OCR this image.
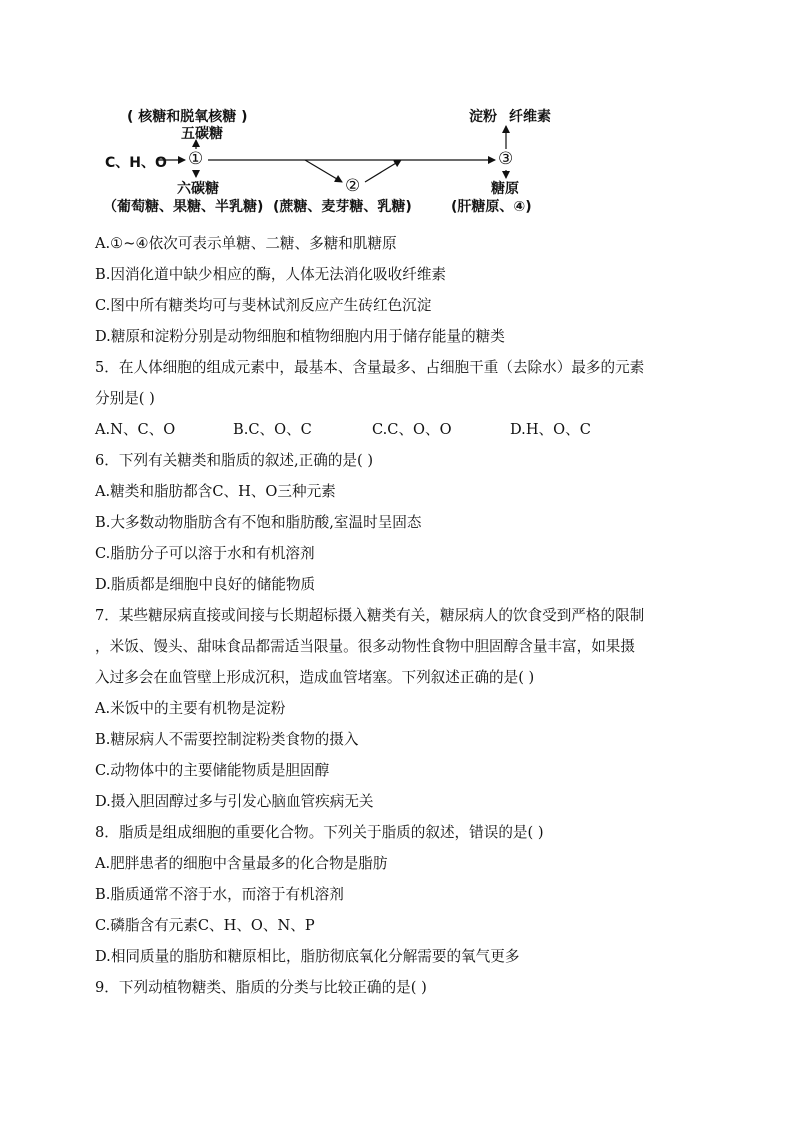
( 核糖和脱氧核糖 )
五碳糖
C、H、O ①
六碳糖
（葡萄糖、果糖、半乳糖)
②
(蔗糖、麦芽糖、乳糖)
③
淀粉 纤维素
糖原
(肝糖原、④)
A.①~④依次可表示单糖、二糖、多糖和肌糖原
B.因消化道中缺少相应的酶，人体无法消化吸收纤维素
C.图中所有糖类均可与斐林试剂反应产生砖红色沉淀
D.糖原和淀粉分别是动物细胞和植物细胞内用于储存能量的糖类
5．在人体细胞的组成元素中，最基本、含量最多、占细胞干重（去除水）最多的元素
分别是( )
A.N、C、O	B.C、O、C	C.C、O、O	D.H、O、C
6．下列有关糖类和脂质的叙述,正确的是( )
A.糖类和脂肪都含C、H、O三种元素
B.大多数动物脂肪含有不饱和脂肪酸,室温时呈固态
C.脂肪分子可以溶于水和有机溶剂
D.脂质都是细胞中良好的储能物质
7．某些糖尿病直接或间接与长期超标摄入糖类有关，糖尿病人的饮食受到严格的限制
，米饭、馒头、甜味食品都需适当限量。很多动物性食物中胆固醇含量丰富，如果摄
入过多会在血管壁上形成沉积，造成血管堵塞。下列叙述正确的是( )
A.米饭中的主要有机物是淀粉
B.糖尿病人不需要控制淀粉类食物的摄入
C.动物体中的主要储能物质是胆固醇
D.摄入胆固醇过多与引发心脑血管疾病无关
8．脂质是组成细胞的重要化合物。下列关于脂质的叙述，错误的是( )
A.肥胖患者的细胞中含量最多的化合物是脂肪
B.脂质通常不溶于水，而溶于有机溶剂
C.磷脂含有元素C、H、O、N、P
D.相同质量的脂肪和糖原相比，脂肪彻底氧化分解需要的氧气更多
9．下列动植物糖类、脂质的分类与比较正确的是( )
